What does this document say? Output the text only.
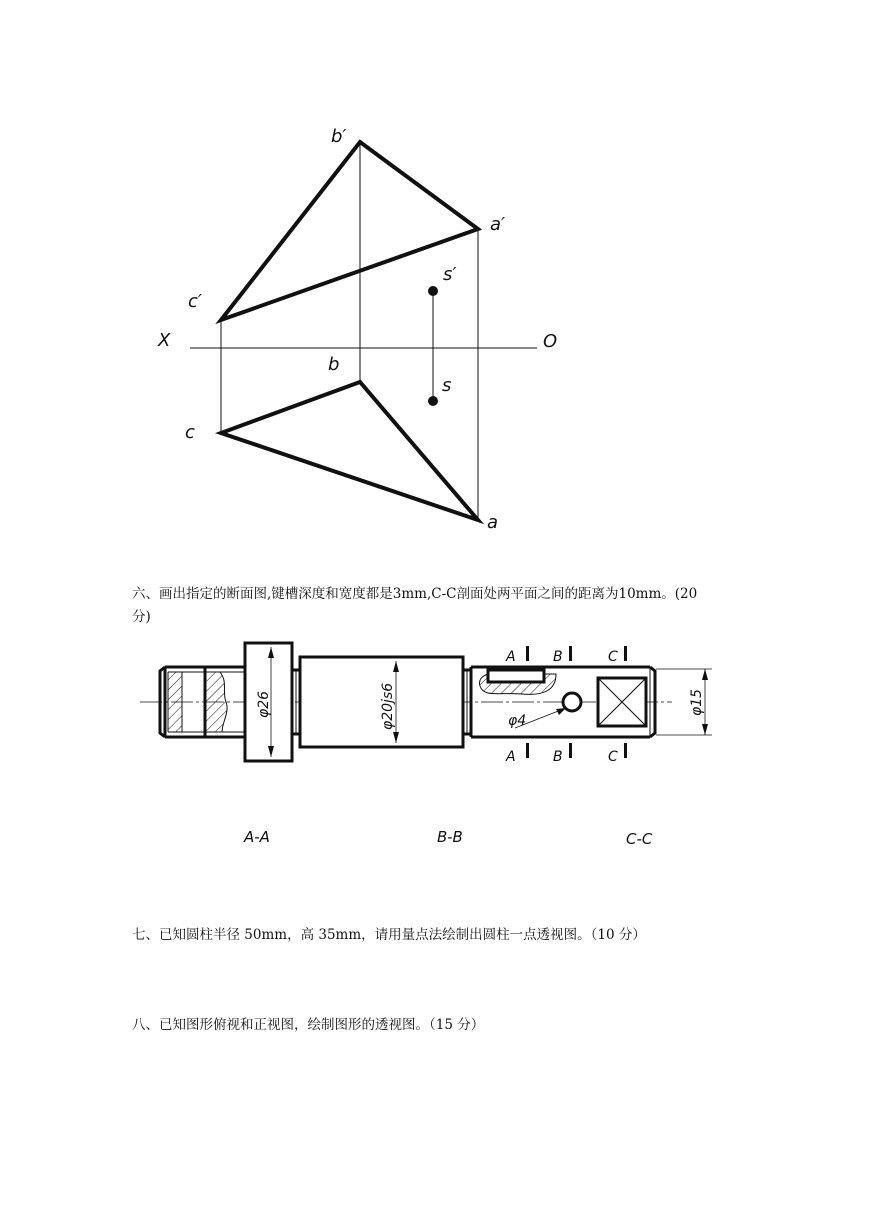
b′
a′
s′
c′
X	O
b
s
c
a
六、画出指定的断面图,键槽深度和宽度都是3mm,C-C剖面处两平面之间的距离为10mm。(20
分)
φ26	φ20js6	φ4
φ15
A	B	C
A	B	C
A-A	B-B	C-C
七、已知圆柱半径 50mm，高 35mm，请用量点法绘制出圆柱一点透视图。（10 分）
八、已知图形俯视和正视图，绘制图形的透视图。（15 分）
